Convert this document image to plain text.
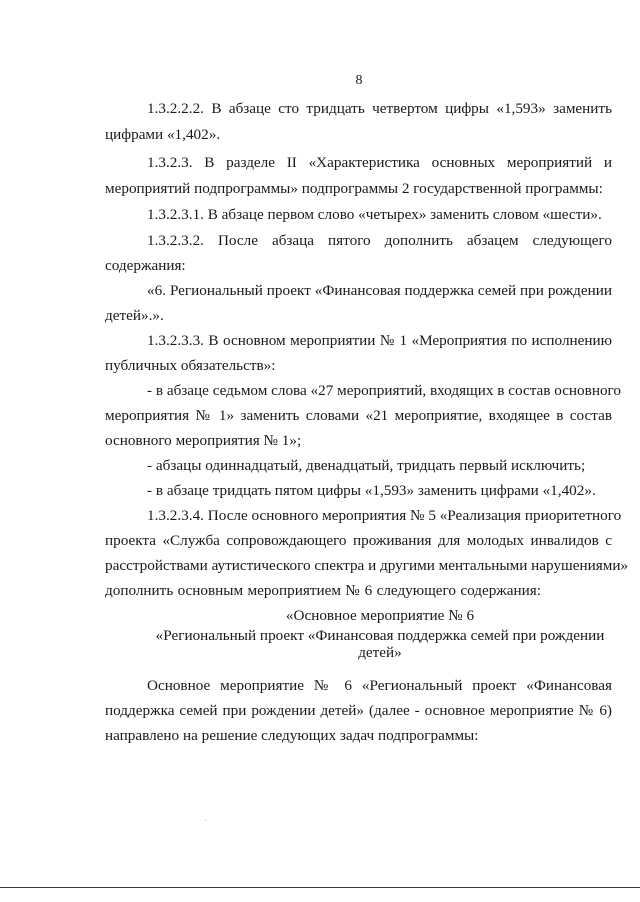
8
1.3.2.2.2. В абзаце сто тридцать четвертом цифры «1,593» заменить
цифрами «1,402».
1.3.2.3. В разделе II «Характеристика основных мероприятий и
мероприятий подпрограммы» подпрограммы 2 государственной программы:
1.3.2.3.1. В абзаце первом слово «четырех» заменить словом «шести».
1.3.2.3.2. После абзаца пятого дополнить абзацем следующего
содержания:
«6. Региональный проект «Финансовая поддержка семей при рождении
детей».».
1.3.2.3.3. В основном мероприятии № 1 «Мероприятия по исполнению
публичных обязательств»:
- в абзаце седьмом слова «27 мероприятий, входящих в состав основного
мероприятия № 1» заменить словами «21 мероприятие, входящее в состав
основного мероприятия № 1»;
- абзацы одиннадцатый, двенадцатый, тридцать первый исключить;
- в абзаце тридцать пятом цифры «1,593» заменить цифрами «1,402».
1.3.2.3.4. После основного мероприятия № 5 «Реализация приоритетного
проекта «Служба сопровождающего проживания для молодых инвалидов с
расстройствами аутистического спектра и другими ментальными нарушениями»
дополнить основным мероприятием № 6 следующего содержания:
«Основное мероприятие № 6
«Региональный проект «Финансовая поддержка семей при рождении
детей»
Основное мероприятие № 6 «Региональный проект «Финансовая
поддержка семей при рождении детей» (далее - основное мероприятие № 6)
направлено на решение следующих задач подпрограммы:
